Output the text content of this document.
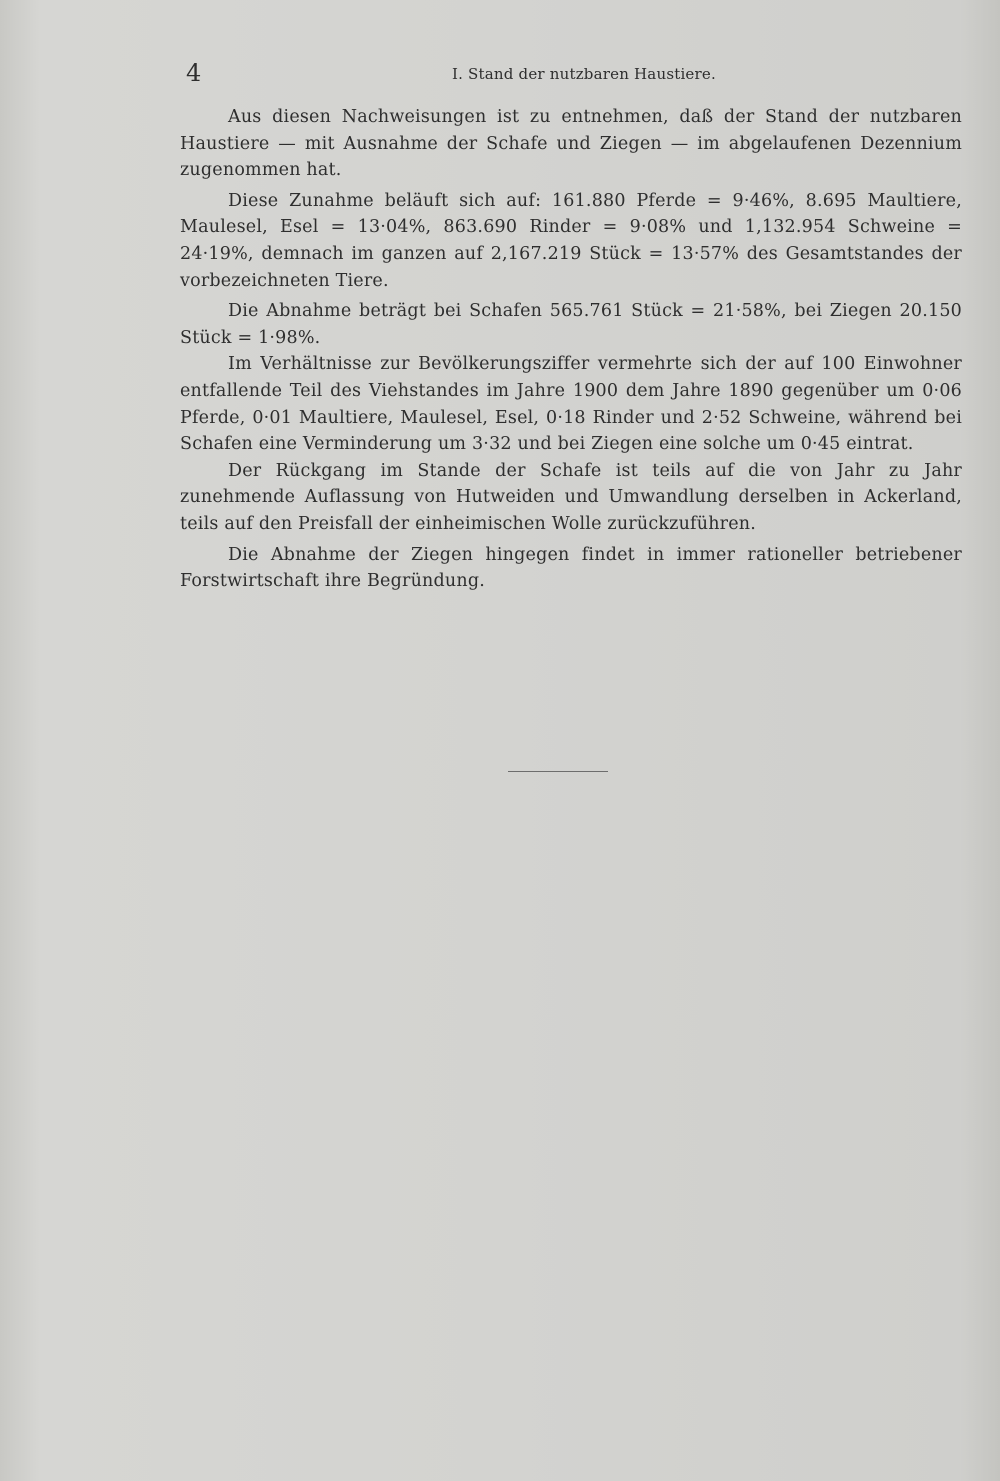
4	I. Stand der nutzbaren Haustiere.

Aus diesen Nachweisungen ist zu entnehmen, daß der Stand der nutzbaren Haustiere — mit Ausnahme der Schafe und Ziegen — im abgelaufenen Dezennium zugenommen hat.

Diese Zunahme beläuft sich auf: 161.880 Pferde = 9·46%, 8.695 Maultiere, Maulesel, Esel = 13·04%, 863.690 Rinder = 9·08% und 1,132.954 Schweine = 24·19%, demnach im ganzen auf 2,167.219 Stück = 13·57% des Gesamtstandes der vorbezeichneten Tiere.

Die Abnahme beträgt bei Schafen 565.761 Stück = 21·58%, bei Ziegen 20.150 Stück = 1·98%.

Im Verhältnisse zur Bevölkerungsziffer vermehrte sich der auf 100 Einwohner entfallende Teil des Viehstandes im Jahre 1900 dem Jahre 1890 gegenüber um 0·06 Pferde, 0·01 Maultiere, Maulesel, Esel, 0·18 Rinder und 2·52 Schweine, während bei Schafen eine Verminderung um 3·32 und bei Ziegen eine solche um 0·45 eintrat.

Der Rückgang im Stande der Schafe ist teils auf die von Jahr zu Jahr zunehmende Auflassung von Hutweiden und Umwandlung derselben in Ackerland, teils auf den Preisfall der einheimischen Wolle zurückzuführen.

Die Abnahme der Ziegen hingegen findet in immer rationeller betriebener Forstwirtschaft ihre Begründung.
